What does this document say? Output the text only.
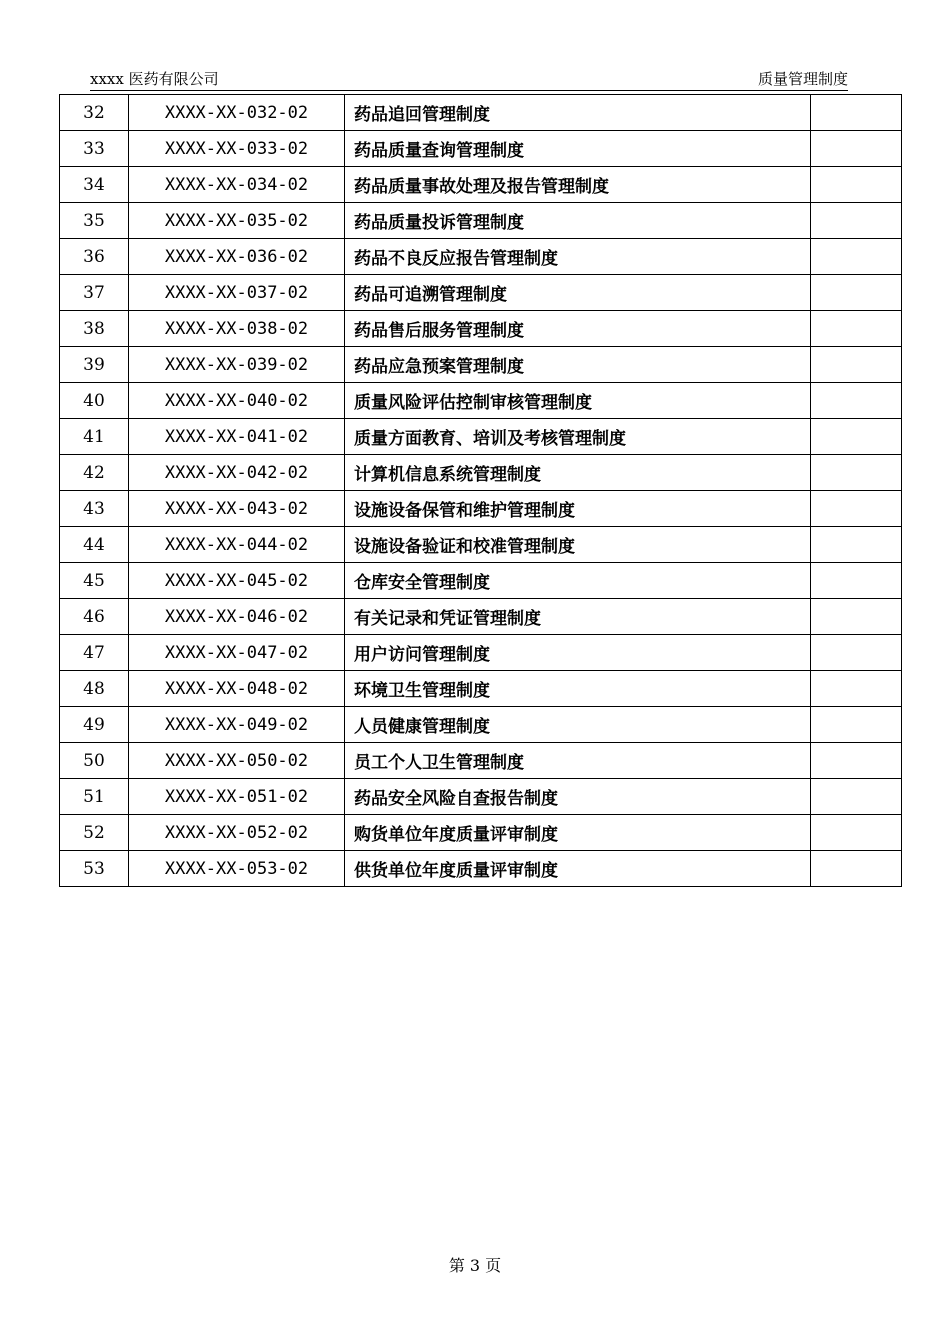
xxxx 医药有限公司	质量管理制度
32	XXXX-XX-032-02	药品追回管理制度	
33	XXXX-XX-033-02	药品质量查询管理制度	
34	XXXX-XX-034-02	药品质量事故处理及报告管理制度	
35	XXXX-XX-035-02	药品质量投诉管理制度	
36	XXXX-XX-036-02	药品不良反应报告管理制度	
37	XXXX-XX-037-02	药品可追溯管理制度	
38	XXXX-XX-038-02	药品售后服务管理制度	
39	XXXX-XX-039-02	药品应急预案管理制度	
40	XXXX-XX-040-02	质量风险评估控制审核管理制度	
41	XXXX-XX-041-02	质量方面教育、培训及考核管理制度	
42	XXXX-XX-042-02	计算机信息系统管理制度	
43	XXXX-XX-043-02	设施设备保管和维护管理制度	
44	XXXX-XX-044-02	设施设备验证和校准管理制度	
45	XXXX-XX-045-02	仓库安全管理制度	
46	XXXX-XX-046-02	有关记录和凭证管理制度	
47	XXXX-XX-047-02	用户访问管理制度	
48	XXXX-XX-048-02	环境卫生管理制度	
49	XXXX-XX-049-02	人员健康管理制度	
50	XXXX-XX-050-02	员工个人卫生管理制度	
51	XXXX-XX-051-02	药品安全风险自查报告制度	
52	XXXX-XX-052-02	购货单位年度质量评审制度	
53	XXXX-XX-053-02	供货单位年度质量评审制度	
第 3 页
